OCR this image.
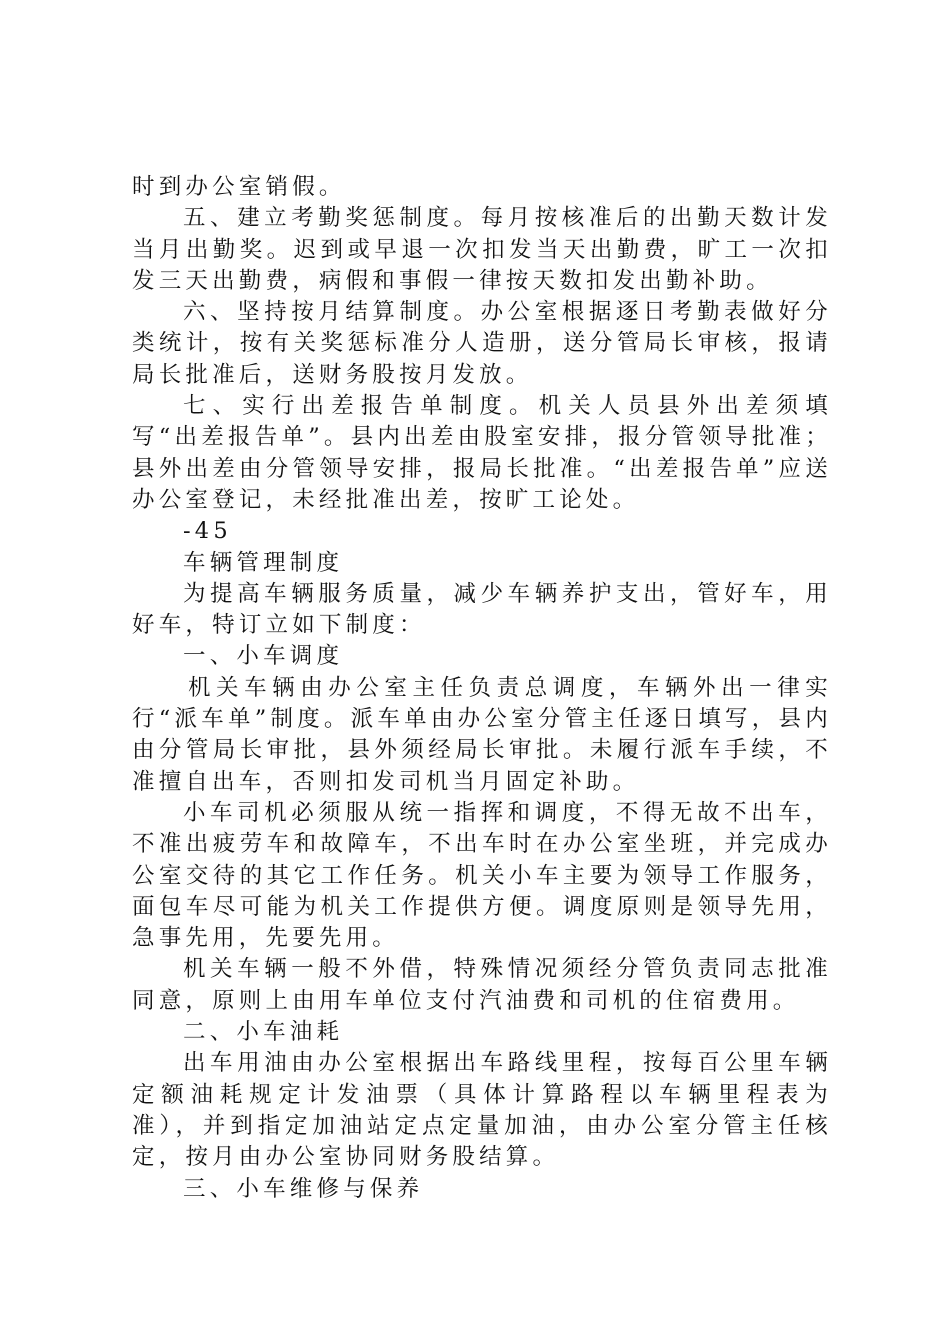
时到办公室销假。

五、建立考勤奖惩制度。每月按核准后的出勤天数计发当月出勤奖。迟到或早退一次扣发当天出勤费，旷工一次扣发三天出勤费，病假和事假一律按天数扣发出勤补助。

六、坚持按月结算制度。办公室根据逐日考勤表做好分类统计，按有关奖惩标准分人造册，送分管局长审核，报请局长批准后，送财务股按月发放。

七、实行出差报告单制度。机关人员县外出差须填写“出差报告单”。县内出差由股室安排，报分管领导批准；县外出差由分管领导安排，报局长批准。“出差报告单”应送办公室登记，未经批准出差，按旷工论处。

-45

车辆管理制度

为提高车辆服务质量，减少车辆养护支出，管好车，用好车，特订立如下制度：

一、小车调度

机关车辆由办公室主任负责总调度，车辆外出一律实行“派车单”制度。派车单由办公室分管主任逐日填写，县内由分管局长审批，县外须经局长审批。未履行派车手续，不准擅自出车，否则扣发司机当月固定补助。

小车司机必须服从统一指挥和调度，不得无故不出车，不准出疲劳车和故障车，不出车时在办公室坐班，并完成办公室交待的其它工作任务。机关小车主要为领导工作服务，面包车尽可能为机关工作提供方便。调度原则是领导先用，急事先用，先要先用。

机关车辆一般不外借，特殊情况须经分管负责同志批准同意，原则上由用车单位支付汽油费和司机的住宿费用。

二、小车油耗

出车用油由办公室根据出车路线里程，按每百公里车辆定额油耗规定计发油票（具体计算路程以车辆里程表为准），并到指定加油站定点定量加油，由办公室分管主任核定，按月由办公室协同财务股结算。

三、小车维修与保养
